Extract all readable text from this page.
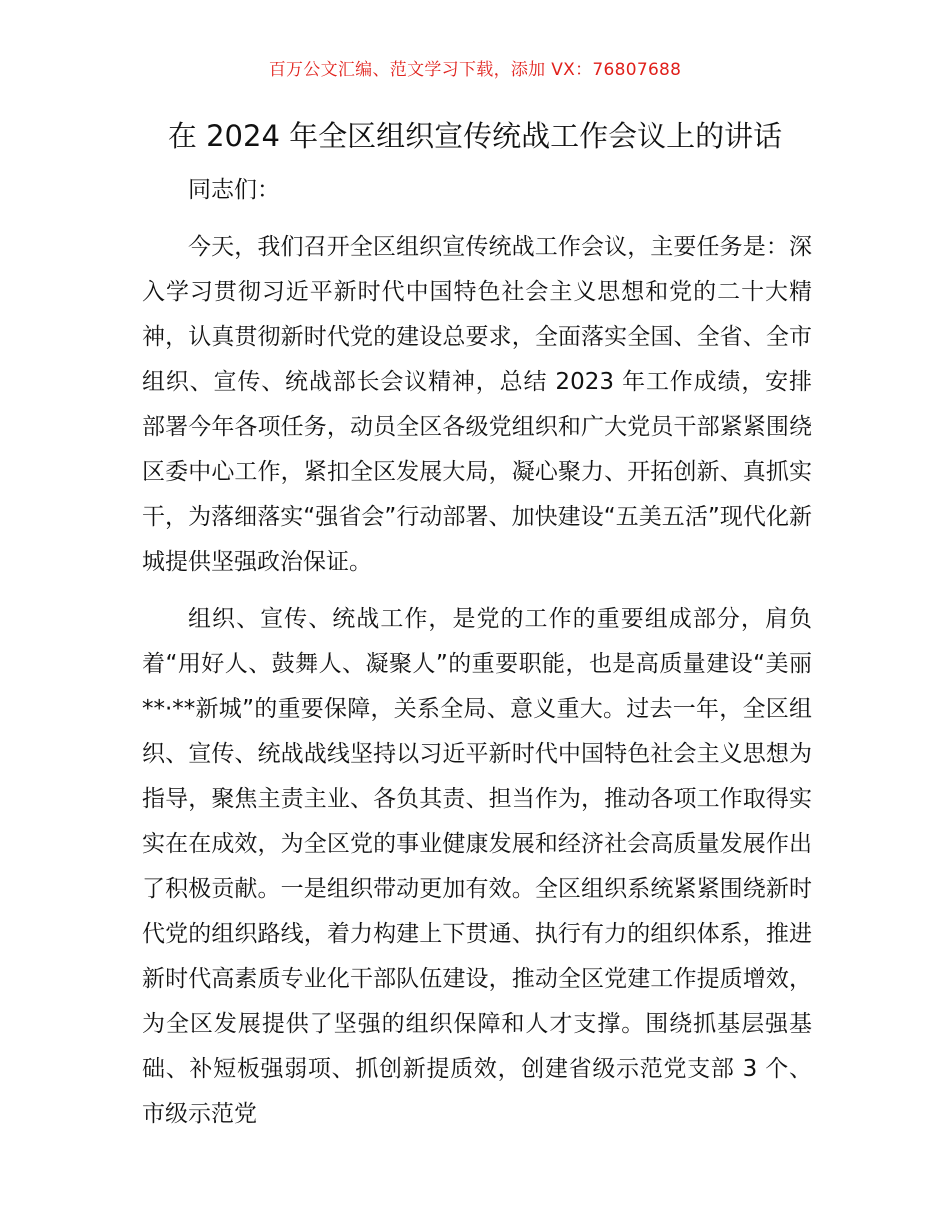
百万公文汇编、范文学习下载，添加 VX：76807688
在 2024 年全区组织宣传统战工作会议上的讲话

同志们：

今天，我们召开全区组织宣传统战工作会议，主要任务是：深入学习贯彻习近平新时代中国特色社会主义思想和党的二十大精神，认真贯彻新时代党的建设总要求，全面落实全国、全省、全市组织、宣传、统战部长会议精神，总结 2023 年工作成绩，安排部署今年各项任务，动员全区各级党组织和广大党员干部紧紧围绕区委中心工作，紧扣全区发展大局，凝心聚力、开拓创新、真抓实干，为落细落实“强省会”行动部署、加快建设“五美五活”现代化新城提供坚强政治保证。

组织、宣传、统战工作，是党的工作的重要组成部分，肩负着“用好人、鼓舞人、凝聚人”的重要职能，也是高质量建设“美丽**·**新城”的重要保障，关系全局、意义重大。过去一年，全区组织、宣传、统战战线坚持以习近平新时代中国特色社会主义思想为指导，聚焦主责主业、各负其责、担当作为，推动各项工作取得实实在在成效，为全区党的事业健康发展和经济社会高质量发展作出了积极贡献。一是组织带动更加有效。全区组织系统紧紧围绕新时代党的组织路线，着力构建上下贯通、执行有力的组织体系，推进新时代高素质专业化干部队伍建设，推动全区党建工作提质增效，为全区发展提供了坚强的组织保障和人才支撑。围绕抓基层强基础、补短板强弱项、抓创新提质效，创建省级示范党支部 3 个、市级示范党
